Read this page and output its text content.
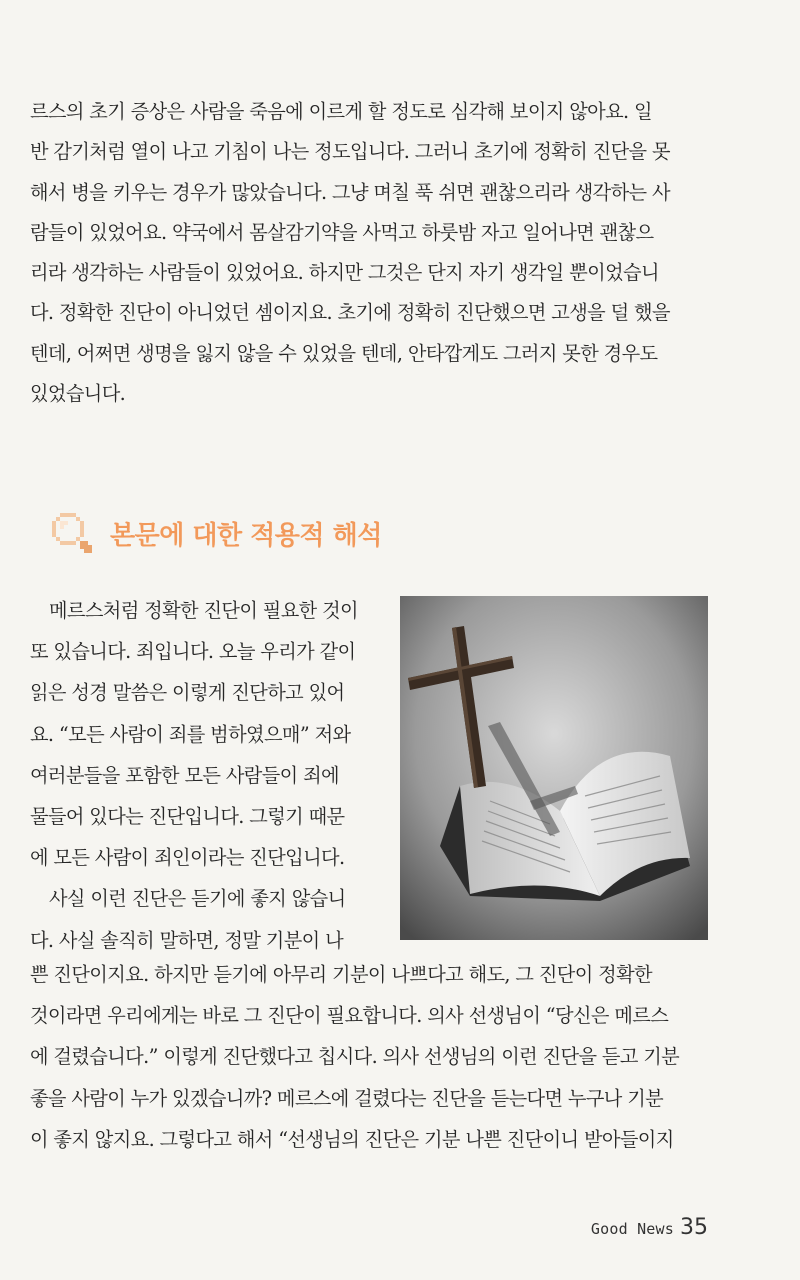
르스의 초기 증상은 사람을 죽음에 이르게 할 정도로 심각해 보이지 않아요. 일
반 감기처럼 열이 나고 기침이 나는 정도입니다. 그러니 초기에 정확히 진단을 못
해서 병을 키우는 경우가 많았습니다. 그냥 며칠 푹 쉬면 괜찮으리라 생각하는 사
람들이 있었어요. 약국에서 몸살감기약을 사먹고 하룻밤 자고 일어나면 괜찮으
리라 생각하는 사람들이 있었어요. 하지만 그것은 단지 자기 생각일 뿐이었습니
다. 정확한 진단이 아니었던 셈이지요. 초기에 정확히 진단했으면 고생을 덜 했을
텐데, 어쩌면 생명을 잃지 않을 수 있었을 텐데, 안타깝게도 그러지 못한 경우도
있었습니다.

본문에 대한 적용적 해석

메르스처럼 정확한 진단이 필요한 것이
또 있습니다. 죄입니다. 오늘 우리가 같이
읽은 성경 말씀은 이렇게 진단하고 있어
요. “모든 사람이 죄를 범하였으매” 저와
여러분들을 포함한 모든 사람들이 죄에
물들어 있다는 진단입니다. 그렇기 때문
에 모든 사람이 죄인이라는 진단입니다.
사실 이런 진단은 듣기에 좋지 않습니
다. 사실 솔직히 말하면, 정말 기분이 나

쁜 진단이지요. 하지만 듣기에 아무리 기분이 나쁘다고 해도, 그 진단이 정확한
것이라면 우리에게는 바로 그 진단이 필요합니다. 의사 선생님이 “당신은 메르스
에 걸렸습니다.” 이렇게 진단했다고 칩시다. 의사 선생님의 이런 진단을 듣고 기분
좋을 사람이 누가 있겠습니까? 메르스에 걸렸다는 진단을 듣는다면 누구나 기분
이 좋지 않지요. 그렇다고 해서 “선생님의 진단은 기분 나쁜 진단이니 받아들이지

Good News 35
